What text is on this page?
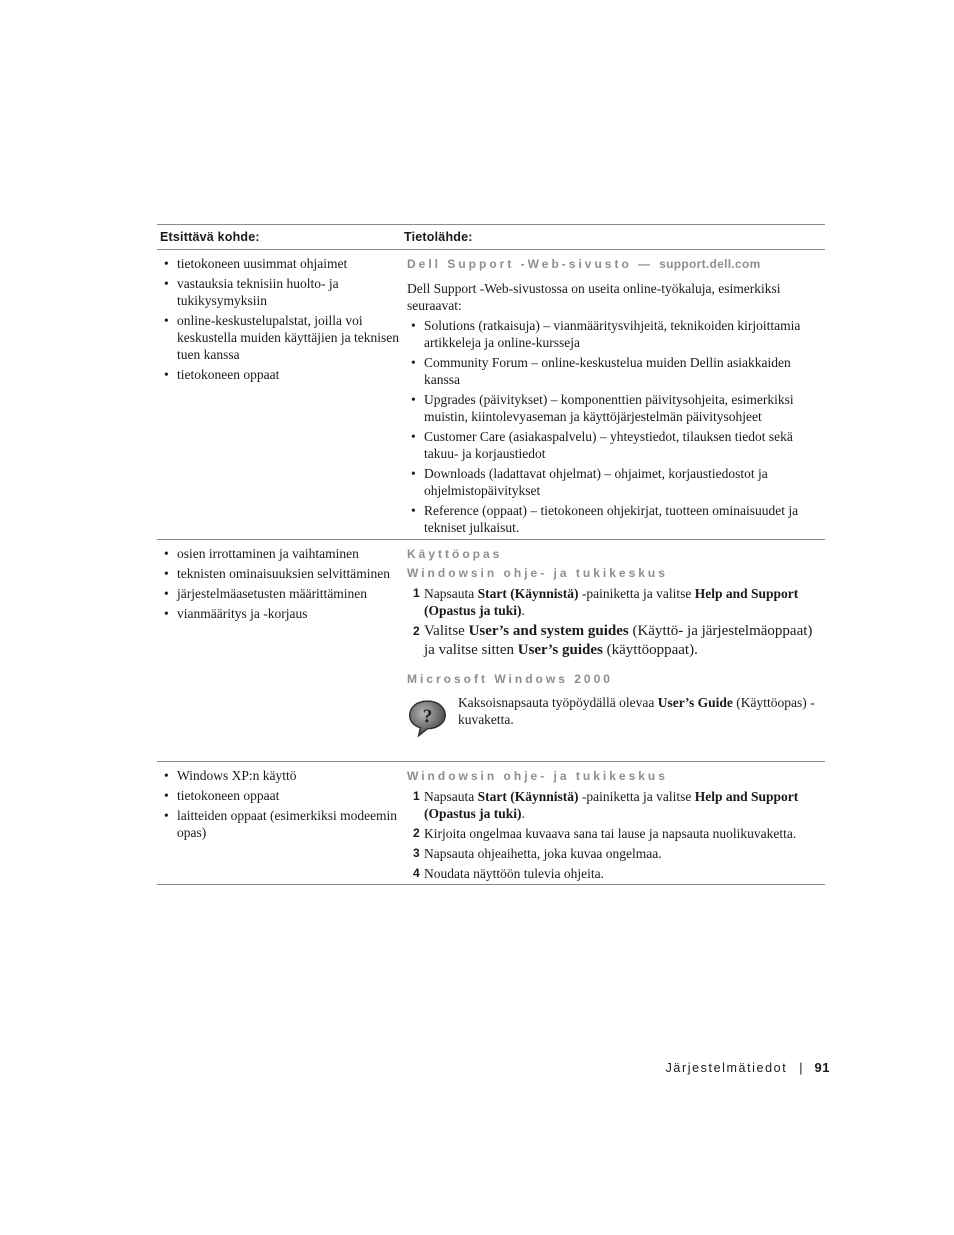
Etsittävä kohde:	Tietolähde:
• tietokoneen uusimmat ohjaimet
• vastauksia teknisiin huolto- ja tukikysymyksiin
• online-keskustelupalstat, joilla voi keskustella muiden käyttäjien ja teknisen tuen kanssa
• tietokoneen oppaat
Dell Support -Web-sivusto — support.dell.com
Dell Support -Web-sivustossa on useita online-työkaluja, esimerkiksi seuraavat:
• Solutions (ratkaisuja) – vianmääritysvihjeitä, teknikoiden kirjoittamia artikkeleja ja online-kursseja
• Community Forum – online-keskustelua muiden Dellin asiakkaiden kanssa
• Upgrades (päivitykset) – komponenttien päivitysohjeita, esimerkiksi muistin, kiintolevyaseman ja käyttöjärjestelmän päivitysohjeet
• Customer Care (asiakaspalvelu) – yhteystiedot, tilauksen tiedot sekä takuu- ja korjaustiedot
• Downloads (ladattavat ohjelmat) – ohjaimet, korjaustiedostot ja ohjelmistopäivitykset
• Reference (oppaat) – tietokoneen ohjekirjat, tuotteen ominaisuudet ja tekniset julkaisut.
• osien irrottaminen ja vaihtaminen
• teknisten ominaisuuksien selvittäminen
• järjestelmäasetusten määrittäminen
• vianmääritys ja -korjaus
Käyttöopas
Windowsin ohje- ja tukikeskus
1 Napsauta Start (Käynnistä) -painiketta ja valitse Help and Support (Opastus ja tuki).
2 Valitse User’s and system guides (Käyttö- ja järjestelmäoppaat) ja valitse sitten User’s guides (käyttöoppaat).
Microsoft Windows 2000
?
Kaksoisnapsauta työpöydällä olevaa User’s Guide (Käyttöopas) -kuvaketta.
• Windows XP:n käyttö
• tietokoneen oppaat
• laitteiden oppaat (esimerkiksi modeemin opas)
Windowsin ohje- ja tukikeskus
1 Napsauta Start (Käynnistä) -painiketta ja valitse Help and Support (Opastus ja tuki).
2 Kirjoita ongelmaa kuvaava sana tai lause ja napsauta nuolikuvaketta.
3 Napsauta ohjeaihetta, joka kuvaa ongelmaa.
4 Noudata näyttöön tulevia ohjeita.
Järjestelmätiedot | 91
